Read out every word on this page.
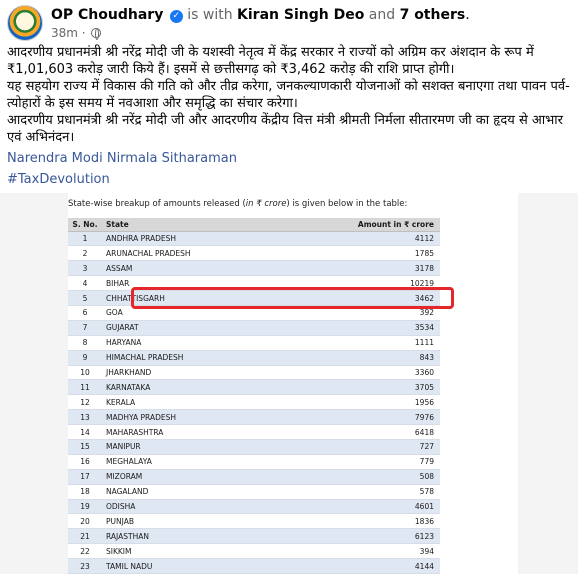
OP Choudhary ✓ is with Kiran Singh Deo and 7 others.
38m ·

आदरणीय प्रधानमंत्री श्री नरेंद्र मोदी जी के यशस्वी नेतृत्व में केंद्र सरकार ने राज्यों को अग्रिम कर अंशदान के रूप में ₹1,01,603 करोड़ जारी किये हैं। इसमें से छत्तीसगढ़ को ₹3,462 करोड़ की राशि प्राप्त होगी।

यह सहयोग राज्य में विकास की गति को और तीव्र करेगा, जनकल्याणकारी योजनाओं को सशक्त बनाएगा तथा पावन पर्व-त्योहारों के इस समय में नवआशा और समृद्धि का संचार करेगा।

आदरणीय प्रधानमंत्री श्री नरेंद्र मोदी जी और आदरणीय केंद्रीय वित्त मंत्री श्रीमती निर्मला सीतारमण जी का हृदय से आभार एवं अभिनंदन।

Narendra Modi Nirmala Sitharaman
#TaxDevolution
State-wise breakup of amounts released (in ₹ crore) is given below in the table:
S. No.	State	Amount in ₹ crore
1	ANDHRA PRADESH	4112
2	ARUNACHAL PRADESH	1785
3	ASSAM	3178
4	BIHAR	10219
5	CHHATTISGARH	3462
6	GOA	392
7	GUJARAT	3534
8	HARYANA	1111
9	HIMACHAL PRADESH	843
10	JHARKHAND	3360
11	KARNATAKA	3705
12	KERALA	1956
13	MADHYA PRADESH	7976
14	MAHARASHTRA	6418
15	MANIPUR	727
16	MEGHALAYA	779
17	MIZORAM	508
18	NAGALAND	578
19	ODISHA	4601
20	PUNJAB	1836
21	RAJASTHAN	6123
22	SIKKIM	394
23	TAMIL NADU	4144
